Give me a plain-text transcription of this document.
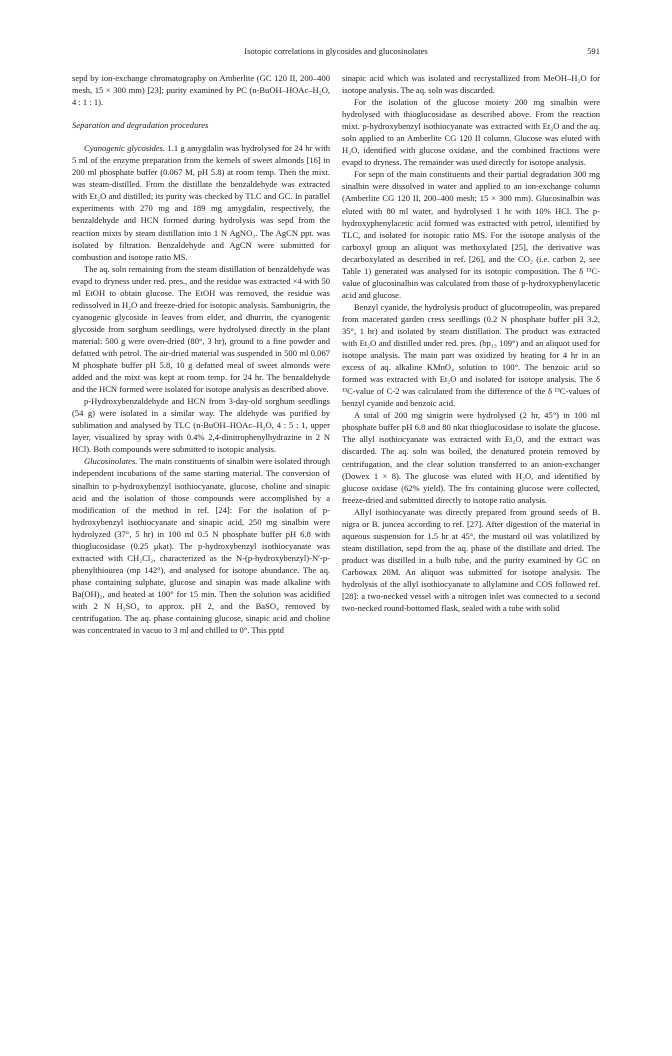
Isotopic correlations in glycosides and glucosinolates	591

sepd by ion-exchange chromatography on Amberlite (GC 120 II, 200–400 mesh, 15 × 300 mm) [23]; purity examined by PC (n-BuOH–HOAc–H₂O, 4 : 1 : 1).

Separation and degradation procedures

Cyanogenic glycosides. 1.1 g amygdalin was hydrolysed for 24 hr with 5 ml of the enzyme preparation from the kernels of sweet almonds [16] in 200 ml phosphate buffer (0.067 M, pH 5.8) at room temp. Then the mixt. was steam-distilled. From the distillate the benzaldehyde was extracted with Et₂O and distilled; its purity was checked by TLC and GC. In parallel experiments with 270 mg and 189 mg amygdalin, respectively, the benzaldehyde and HCN formed during hydrolysis was sepd from the reaction mixts by steam distillation into 1 N AgNO₃. The AgCN ppt. was isolated by filtration. Benzaldehyde and AgCN were submitted for combustion and isotope ratio MS.

The aq. soln remaining from the steam distillation of benzaldehyde was evapd to dryness under red. pres., and the residue was extracted ×4 with 50 ml EtOH to obtain glucose. The EtOH was removed, the residue was redissolved in H₂O and freeze-dried for isotopic analysis. Sambunigrin, the cyanogenic glycoside in leaves from elder, and dhurrin, the cyanogenic glycoside from sorghum seedlings, were hydrolysed directly in the plant material: 500 g were oven-dried (80°, 3 hr), ground to a fine powder and defatted with petrol. The air-dried material was suspended in 500 ml 0.067 M phosphate buffer pH 5.8, 10 g defatted meal of sweet almonds were added and the mixt was kept at room temp. for 24 hr. The benzaldehyde and the HCN formed were isolated for isotope analysis as described above.

p-Hydroxybenzaldehyde and HCN from 3-day-old sorghum seedlings (54 g) were isolated in a similar way. The aldehyde was purified by sublimation and analysed by TLC (n-BuOH–HOAc–H₂O, 4 : 5 : 1, upper layer, visualized by spray with 0.4% 2,4-dinitrophenylhydrazine in 2 N HCl). Both compounds were submitted to isotopic analysis.

Glucosinolates. The main constituents of sinalbin were isolated through independent incubations of the same starting material. The conversion of sinalbin to p-hydroxybenzyl isothiocyanate, glucose, choline and sinapic acid and the isolation of those compounds were accomplished by a modification of the method in ref. [24]: For the isolation of p-hydroxybenzyl isothiocyanate and sinapic acid, 250 mg sinalbin were hydrolyzed (37°, 5 hr) in 100 ml 0.5 N phosphate buffer pH 6.8 with thioglucosidase (0.25 μkat). The p-hydroxybenzyl isothiocyanate was extracted with CH₂Cl₂, characterized as the N-(p-hydroxybenzyl)-N′-p-phenylthiourea (mp 142°), and analysed for isotope abundance. The aq. phase containing sulphate, glucose and sinapin was made alkaline with Ba(OH)₂, and heated at 100° for 15 min. Then the solution was acidified with 2 N H₂SO₄ to approx. pH 2, and the BaSO₄ removed by centrifugation. The aq. phase containing glucose, sinapic acid and choline was concentrated in vacuo to 3 ml and chilled to 0°. This pptd

sinapic acid which was isolated and recrystallized from MeOH–H₂O for isotope analysis. The aq. soln was discarded.

For the isolation of the glucose moiety 200 mg sinalbin were hydrolysed with thioglucosidase as described above. From the reaction mixt. p-hydroxybenzyl isothiocyanate was extracted with Et₂O and the aq. soln applied to an Amberlite CG 120 II column. Glucose was eluted with H₂O, identified with glucose oxidase, and the combined fractions were evapd to dryness. The remainder was used directly for isotope analysis.

For sepn of the main constituents and their partial degradation 300 mg sinalbin were dissolved in water and applied to an ion-exchange column (Amberlite CG 120 II, 200–400 mesh; 15 × 300 mm). Glucosinalbin was eluted with 80 ml water, and hydrolysed 1 hr with 10% HCl. The p-hydroxyphenylacetic acid formed was extracted with petrol, identified by TLC, and isolated for isotopic ratio MS. For the isotope analysis of the carboxyl group an aliquot was methoxylated [25], the derivative was decarboxylated as described in ref. [26], and the CO₂ (i.e. carbon 2, see Table 1) generated was analysed for its isotopic composition. The δ ¹³C-value of glucosinalbin was calculated from those of p-hydroxyphenylacetic acid and glucose.

Benzyl cyanide, the hydrolysis product of glucotropeolin, was prepared from macerated garden cress seedlings (0.2 N phosphate buffer pH 3.2, 35°, 1 hr) and isolated by steam distillation. The product was extracted with Et₂O and distilled under red. pres. (bp₁₃ 109°) and an aliquot used for isotope analysis. The main part was oxidized by heating for 4 hr in an excess of aq. alkaline KMnO₄ solution to 100°. The benzoic acid so formed was extracted with Et₂O and isolated for isotope analysis. The δ ¹³C-value of C-2 was calculated from the difference of the δ ¹³C-values of benzyl cyanide and benzoic acid.

A total of 200 mg sinigrin were hydrolysed (2 hr, 45°) in 100 ml phosphate buffer pH 6.8 and 80 nkat thioglucosidase to isolate the glucose. The allyl isothiocyanate was extracted with Et₂O, and the extract was discarded. The aq. soln was boiled, the denatured protein removed by centrifugation, and the clear solution transferred to an anion-exchanger (Dowex 1 × 8). The glucose was eluted with H₂O, and identified by glucose oxidase (62% yield). The frs containing glucose were collected, freeze-dried and submitted directly to isotope ratio analysis.

Allyl isothiocyanate was directly prepared from ground seeds of B. nigra or B. juncea according to ref. [27]. After digestion of the material in aqueous suspension for 1.5 hr at 45°, the mustard oil was volatilized by steam distillation, sepd from the aq. phase of the distillate and dried. The product was distilled in a bulb tube, and the purity examined by GC on Carbowax 20M. An aliquot was submitted for isotope analysis. The hydrolysis of the allyl isothiocyanate to allylamine and COS followed ref. [28]: a two-necked vessel with a nitrogen inlet was connected to a second two-necked round-bottomed flask, sealed with a tube with solid
